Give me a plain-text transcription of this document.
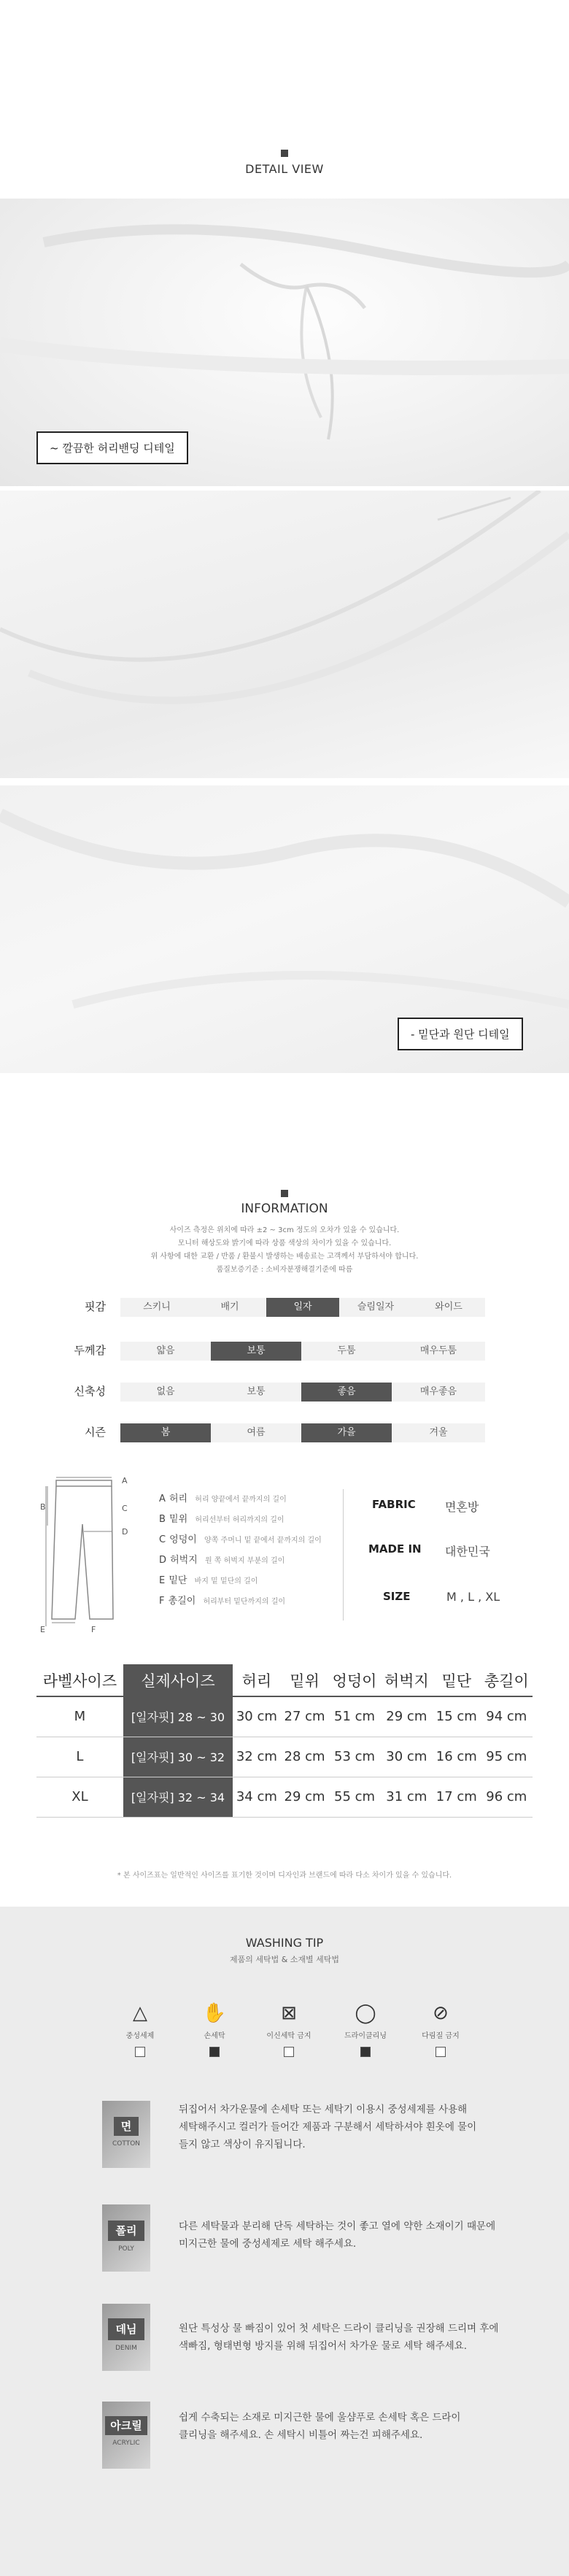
DETAIL VIEW
~ 깔끔한 허리밴딩 디테일
- 밑단과 원단 디테일
INFORMATION
사이즈 측정은 위치에 따라 ±2 ~ 3cm 정도의 오차가 있을 수 있습니다.
모니터 해상도와 밝기에 따라 상품 색상의 차이가 있을 수 있습니다.
위 사항에 대한 교환 / 반품 / 환불시 발생하는 배송료는 고객께서 부담하셔야 합니다.
품질보증기준 : 소비자분쟁해결기준에 따름
핏감	스키니	배기	일자	슬림일자	와이드
두께감	얇음	보통	두툼	매우두툼
신축성	없음	보통	좋음	매우좋음
시즌	봄	여름	가을	겨울
A
B	C
D
E	F
A 허리 허리 양끝에서 끝까지의 길이
B 밑위 허리선부터 허리까지의 길이
C 엉덩이 양쪽 주머니 밑 끝에서 끝까지의 길이
D 허벅지 원 쪽 허벅지 부분의 길이
E 밑단 바지 밑 밑단의 길이
F 총길이 허리부터 밑단까지의 길이
FABRIC	면혼방
MADE IN 대한민국
SIZE	M , L , XL
라벨사이즈	실제사이즈	허리	밑위	엉덩이	허벅지	밑단	총길이
M	[일자핏] 28 ~ 30	30 cm	27 cm	51 cm	29 cm	15 cm	94 cm
L	[일자핏] 30 ~ 32	32 cm	28 cm	53 cm	30 cm	16 cm	95 cm
XL	[일자핏] 32 ~ 34	34 cm	29 cm	55 cm	31 cm	17 cm	96 cm
* 본 사이즈표는 일반적인 사이즈를 표기한 것이며 디자인과 브랜드에 따라 다소 차이가 있을 수 있습니다.
WASHING TIP
제품의 세탁법 & 소재별 세탁법
△
중성세제
✋
손세탁
⊠
이신세탁 금지
◯
드라이클리닝
⊘
다림질 금지
면
COTTON
뒤집어서 차가운물에 손세탁 또는 세탁기 이용시 중성세제를 사용해
세탁해주시고 컬러가 들어간 제품과 구분해서 세탁하셔야 흰옷에 물이
들지 않고 색상이 유지됩니다.
폴리
POLY
다른 세탁물과 분리해 단독 세탁하는 것이 좋고 열에 약한 소재이기 때문에
미지근한 물에 중성세제로 세탁 해주세요.
데님
DENIM
원단 특성상 물 빠짐이 있어 첫 세탁은 드라이 클리닝을 권장해 드리며 후에
색빠짐, 형태변형 방지를 위해 뒤집어서 차가운 물로 세탁 해주세요.
아크릴
ACRYLIC
쉽게 수축되는 소재로 미지근한 물에 울샴푸로 손세탁 혹은 드라이
클리닝을 해주세요. 손 세탁시 비틀어 짜는건 피해주세요.
